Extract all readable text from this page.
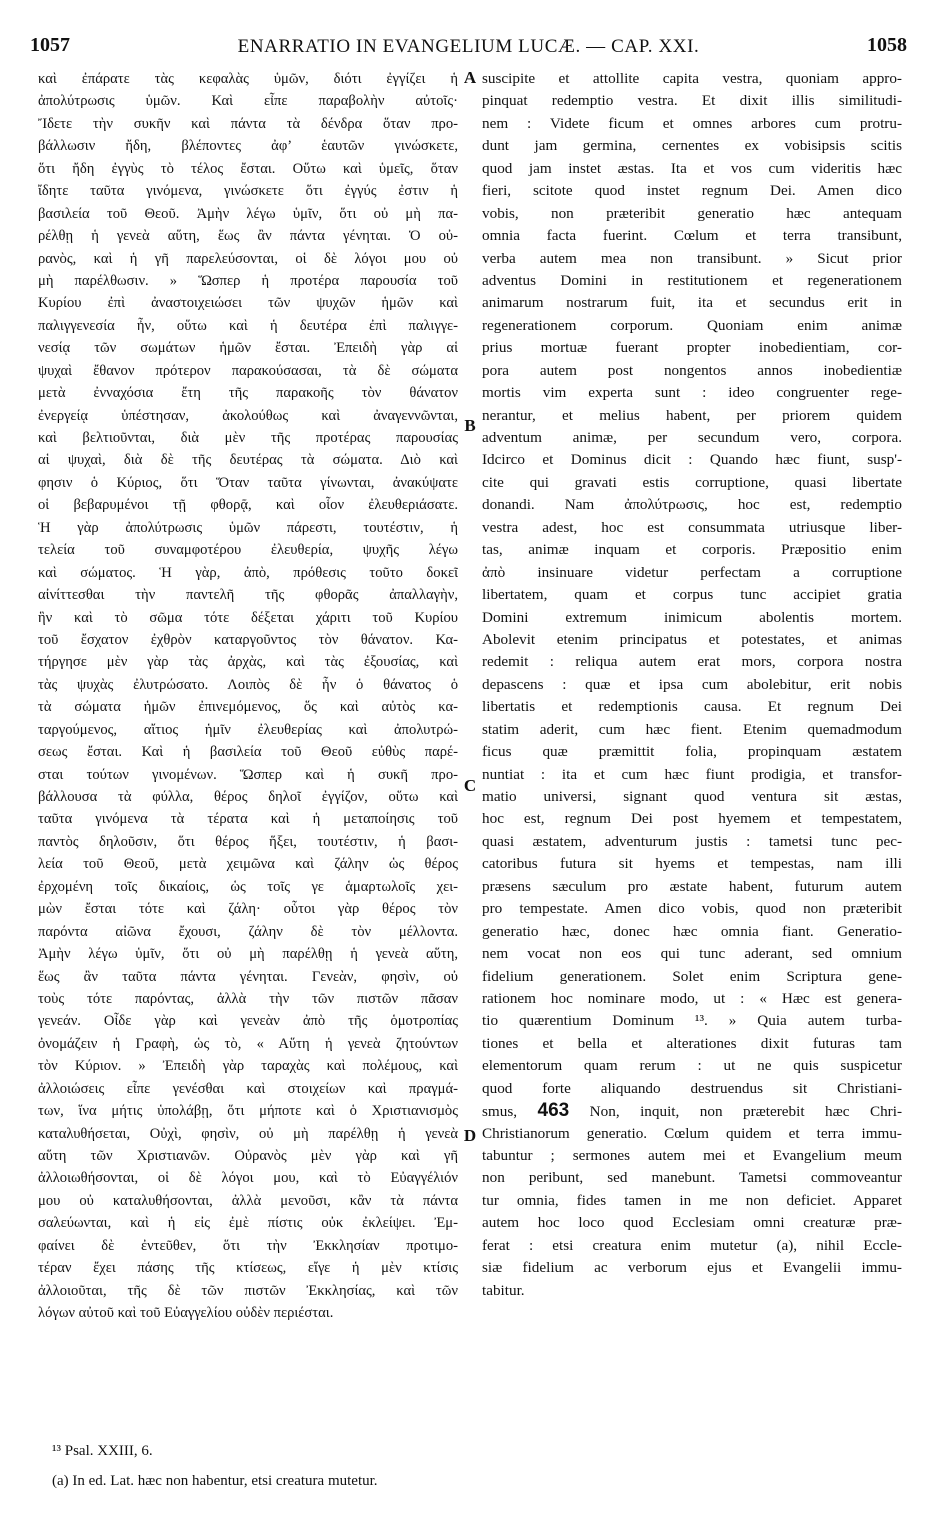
1057	ENARRATIO IN EVANGELIUM LUCÆ. — CAP. XXI.	1058
καὶ ἐπάρατε τὰς κεφαλὰς ὑμῶν, διότι ἐγγίζει ἡ
ἀπολύτρωσις ὑμῶν. Καὶ εἶπε παραβολὴν αὐτοῖς·
Ἴδετε τὴν συκῆν καὶ πάντα τὰ δένδρα ὅταν προ-
βάλλωσιν ἤδη, βλέποντες ἀφ’ ἑαυτῶν γινώσκετε,
ὅτι ἤδη ἐγγὺς τὸ τέλος ἔσται. Οὕτω καὶ ὑμεῖς, ὅταν
ἴδητε ταῦτα γινόμενα, γινώσκετε ὅτι ἐγγύς ἐστιν ἡ
βασιλεία τοῦ Θεοῦ. Ἀμὴν λέγω ὑμῖν, ὅτι οὐ μὴ πα-
ρέλθῃ ἡ γενεὰ αὕτη, ἕως ἂν πάντα γένηται. Ὁ οὐ-
ρανὸς, καὶ ἡ γῆ παρελεύσονται, οἱ δὲ λόγοι μου οὐ
μὴ παρέλθωσιν. » Ὥσπερ ἡ προτέρα παρουσία τοῦ
Κυρίου ἐπὶ ἀναστοιχειώσει τῶν ψυχῶν ἡμῶν καὶ
παλιγγενεσία ἦν, οὕτω καὶ ἡ δευτέρα ἐπὶ παλιγγε-
νεσίᾳ τῶν σωμάτων ἡμῶν ἔσται. Ἐπειδὴ γὰρ αἱ
ψυχαὶ ἔθανον πρότερον παρακούσασαι, τὰ δὲ σώματα
μετὰ ἐνναχόσια ἔτη τῆς παρακοῆς τὸν θάνατον
ἐνεργείᾳ ὑπέστησαν, ἀκολούθως καὶ ἀναγεννῶνται,
καὶ βελτιοῦνται, διὰ μὲν τῆς προτέρας παρουσίας
αἱ ψυχαὶ, διὰ δὲ τῆς δευτέρας τὰ σώματα. Διὸ καὶ
φησιν ὁ Κύριος, ὅτι Ὅταν ταῦτα γίνωνται, ἀνακύψατε
οἱ βεβαρυμένοι τῇ φθορᾷ, καὶ οἷον ἐλευθεριάσατε.
Ἡ γὰρ ἀπολύτρωσις ὑμῶν πάρεστι, τουτέστιν, ἡ
τελεία τοῦ συναμφοτέρου ἐλευθερία, ψυχῆς λέγω
καὶ σώματος. Ἡ γὰρ, ἀπὸ, πρόθεσις τοῦτο δοκεῖ
αἰνίττεσθαι τὴν παντελῆ τῆς φθορᾶς ἀπαλλαγὴν,
ἣν καὶ τὸ σῶμα τότε δέξεται χάριτι τοῦ Κυρίου
τοῦ ἔσχατον ἐχθρὸν καταργοῦντος τὸν θάνατον. Κα-
τήργησε μὲν γὰρ τὰς ἀρχὰς, καὶ τὰς ἐξουσίας, καὶ
τὰς ψυχὰς ἐλυτρώσατο. Λοιπὸς δὲ ἦν ὁ θάνατος ὁ
τὰ σώματα ἡμῶν ἐπινεμόμενος, ὅς καὶ αὐτὸς κα-
ταργούμενος, αἴτιος ἡμῖν ἐλευθερίας καὶ ἀπολυτρώ-
σεως ἔσται. Καὶ ἡ βασιλεία τοῦ Θεοῦ εὐθὺς παρέ-
σται τούτων γινομένων. Ὥσπερ καὶ ἡ συκῆ προ-
βάλλουσα τὰ φύλλα, θέρος δηλοῖ ἐγγίζον, οὕτω καὶ
ταῦτα γινόμενα τὰ τέρατα καὶ ἡ μεταποίησις τοῦ
παντὸς δηλοῦσιν, ὅτι θέρος ἥξει, τουτέστιν, ἡ βασι-
λεία τοῦ Θεοῦ, μετὰ χειμῶνα καὶ ζάλην ὡς θέρος
ἐρχομένη τοῖς δικαίοις, ὡς τοῖς γε ἁμαρτωλοῖς χει-
μὼν ἔσται τότε καὶ ζάλη· οὗτοι γὰρ θέρος τὸν
παρόντα αἰῶνα ἔχουσι, ζάλην δὲ τὸν μέλλοντα.
Ἀμὴν λέγω ὑμῖν, ὅτι οὐ μὴ παρέλθῃ ἡ γενεὰ αὕτη,
ἕως ἂν ταῦτα πάντα γένηται. Γενεὰν, φησὶν, οὐ
τοὺς τότε παρόντας, ἀλλὰ τὴν τῶν πιστῶν πᾶσαν
γενεάν. Οἶδε γὰρ καὶ γενεὰν ἀπὸ τῆς ὁμοτροπίας
ὀνομάζειν ἡ Γραφὴ, ὡς τὸ, « Αὕτη ἡ γενεὰ ζητούντων
τὸν Κύριον. » Ἐπειδὴ γὰρ ταραχὰς καὶ πολέμους, καὶ
ἀλλοιώσεις εἶπε γενέσθαι καὶ στοιχείων καὶ πραγμά-
των, ἵνα μήτις ὑπολάβῃ, ὅτι μήποτε καὶ ὁ Χριστιανισμὸς
καταλυθήσεται, Οὐχὶ, φησὶν, οὐ μὴ παρέλθῃ ἡ γενεὰ
αὕτη τῶν Χριστιανῶν. Οὐρανὸς μὲν γὰρ καὶ γῆ
ἀλλοιωθήσονται, οἱ δὲ λόγοι μου, καὶ τὸ Εὐαγγέλιόν
μου οὐ καταλυθήσονται, ἀλλὰ μενοῦσι, κἂν τὰ πάντα
σαλεύωνται, καὶ ἡ εἰς ἐμὲ πίστις οὐκ ἐκλείψει. Ἐμ-
φαίνει δὲ ἐντεῦθεν, ὅτι τὴν Ἐκκλησίαν προτιμο-
τέραν ἔχει πάσης τῆς κτίσεως, εἴγε ἡ μὲν κτίσις
ἀλλοιοῦται, τῆς δὲ τῶν πιστῶν Ἐκκλησίας, καὶ τῶν
λόγων αὐτοῦ καὶ τοῦ Εὐαγγελίου οὐδὲν περιέσται.
suscipite et attollite capita vestra, quoniam appro-
pinquat redemptio vestra. Et dixit illis similitudi-
nem : Videte ficum et omnes arbores cum protru-
dunt jam germina, cernentes ex vobisipsis scitis
quod jam instet æstas. Ita et vos cum videritis hæc
fieri, scitote quod instet regnum Dei. Amen dico
vobis, non præteribit generatio hæc antequam
omnia facta fuerint. Cœlum et terra transibunt,
verba autem mea non transibunt. » Sicut prior
adventus Domini in restitutionem et regenerationem
animarum nostrarum fuit, ita et secundus erit in
regenerationem corporum. Quoniam enim animæ
prius mortuæ fuerant propter inobedientiam, cor-
pora autem post nongentos annos inobedientiæ
mortis vim experta sunt : ideo congruenter rege-
nerantur, et melius habent, per priorem quidem
adventum animæ, per secundum vero, corpora.
Idcirco et Dominus dicit : Quando hæc fiunt, susp'-
cite qui gravati estis corruptione, quasi libertate
donandi. Nam ἀπολύτρωσις, hoc est, redemptio
vestra adest, hoc est consummata utriusque liber-
tas, animæ inquam et corporis. Præpositio enim
ἀπὸ insinuare videtur perfectam a corruptione
libertatem, quam et corpus tunc accipiet gratia
Domini extremum inimicum abolentis mortem.
Abolevit etenim principatus et potestates, et animas
redemit : reliqua autem erat mors, corpora nostra
depascens : quæ et ipsa cum abolebitur, erit nobis
libertatis et redemptionis causa. Et regnum Dei
statim aderit, cum hæc fient. Etenim quemadmodum
ficus quæ præmittit folia, propinquam æstatem
nuntiat : ita et cum hæc fiunt prodigia, et transfor-
matio universi, signant quod ventura sit æstas,
hoc est, regnum Dei post hyemem et tempestatem,
quasi æstatem, adventurum justis : tametsi tunc pec-
catoribus futura sit hyems et tempestas, nam illi
præsens sæculum pro æstate habent, futurum autem
pro tempestate. Amen dico vobis, quod non præteribit
generatio hæc, donec hæc omnia fiant. Generatio-
nem vocat non eos qui tunc aderant, sed omnium
fidelium generationem. Solet enim Scriptura gene-
rationem hoc nominare modo, ut : « Hæc est genera-
tio quærentium Dominum ¹³. » Quia autem turba-
tiones et bella et alterationes dixit futuras tam
elementorum quam rerum : ut ne quis suspicetur
quod forte aliquando destruendus sit Christiani-
smus, 463 Non, inquit, non præterebit hæc Chri-
Christianorum generatio. Cœlum quidem et terra immu-
tabuntur ; sermones autem mei et Evangelium meum
non peribunt, sed manebunt. Tametsi commoveantur
tur omnia, fides tamen in me non deficiet. Apparet
autem hoc loco quod Ecclesiam omni creaturæ præ-
ferat : etsi creatura enim mutetur (a), nihil Eccle-
siæ fidelium ac verborum ejus et Evangelii immu-
tabitur.
A
B
C
D
¹³ Psal. XXIII, 6.
(a) In ed. Lat. hæc non habentur, etsi creatura mutetur.
